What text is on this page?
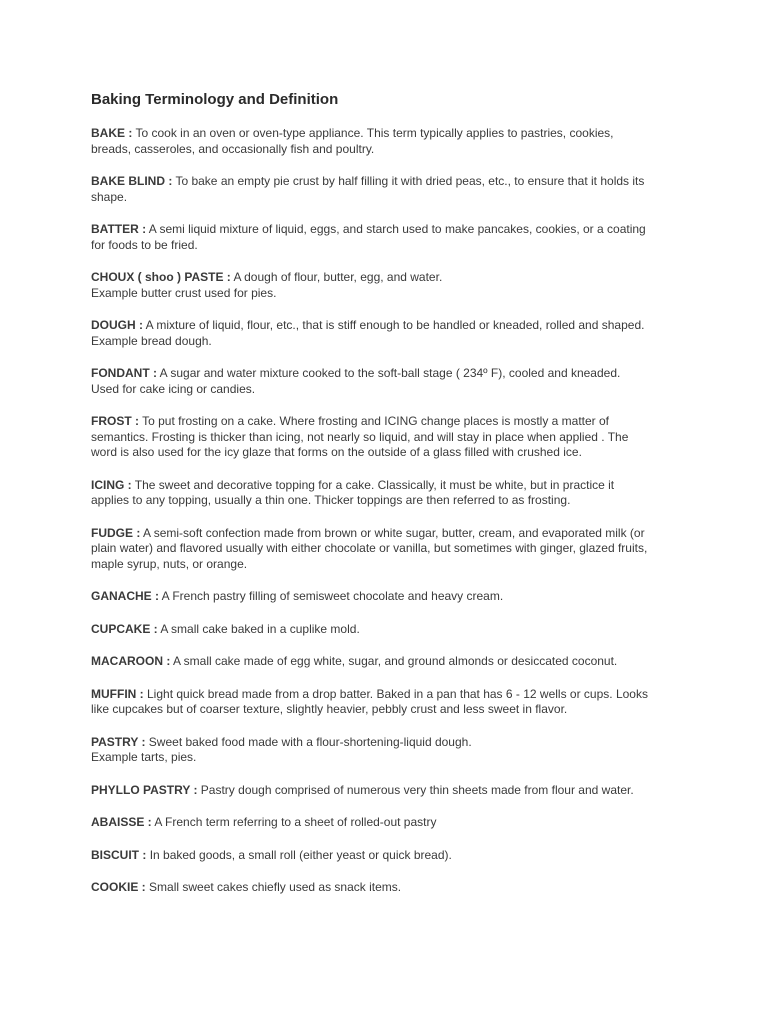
Baking Terminology and Definition
BAKE : To cook in an oven or oven-type appliance. This term typically applies to pastries, cookies,
breads, casseroles, and occasionally fish and poultry.
BAKE BLIND : To bake an empty pie crust by half filling it with dried peas, etc., to ensure that it holds its
shape.
BATTER : A semi liquid mixture of liquid, eggs, and starch used to make pancakes, cookies, or a coating
for foods to be fried.
CHOUX ( shoo ) PASTE : A dough of flour, butter, egg, and water.
Example butter crust used for pies.
DOUGH : A mixture of liquid, flour, etc., that is stiff enough to be handled or kneaded, rolled and shaped.
Example bread dough.
FONDANT : A sugar and water mixture cooked to the soft-ball stage ( 234º F), cooled and kneaded.
Used for cake icing or candies.
FROST : To put frosting on a cake. Where frosting and ICING change places is mostly a matter of
semantics. Frosting is thicker than icing, not nearly so liquid, and will stay in place when applied . The
word is also used for the icy glaze that forms on the outside of a glass filled with crushed ice.
ICING : The sweet and decorative topping for a cake. Classically, it must be white, but in practice it
applies to any topping, usually a thin one. Thicker toppings are then referred to as frosting.
FUDGE : A semi-soft confection made from brown or white sugar, butter, cream, and evaporated milk (or
plain water) and flavored usually with either chocolate or vanilla, but sometimes with ginger, glazed fruits,
maple syrup, nuts, or orange.
GANACHE : A French pastry filling of semisweet chocolate and heavy cream.
CUPCAKE : A small cake baked in a cuplike mold.
MACAROON : A small cake made of egg white, sugar, and ground almonds or desiccated coconut.
MUFFIN : Light quick bread made from a drop batter. Baked in a pan that has 6 - 12 wells or cups. Looks
like cupcakes but of coarser texture, slightly heavier, pebbly crust and less sweet in flavor.
PASTRY : Sweet baked food made with a flour-shortening-liquid dough.
Example tarts, pies.
PHYLLO PASTRY : Pastry dough comprised of numerous very thin sheets made from flour and water.
ABAISSE : A French term referring to a sheet of rolled-out pastry
BISCUIT : In baked goods, a small roll (either yeast or quick bread).
COOKIE : Small sweet cakes chiefly used as snack items.
